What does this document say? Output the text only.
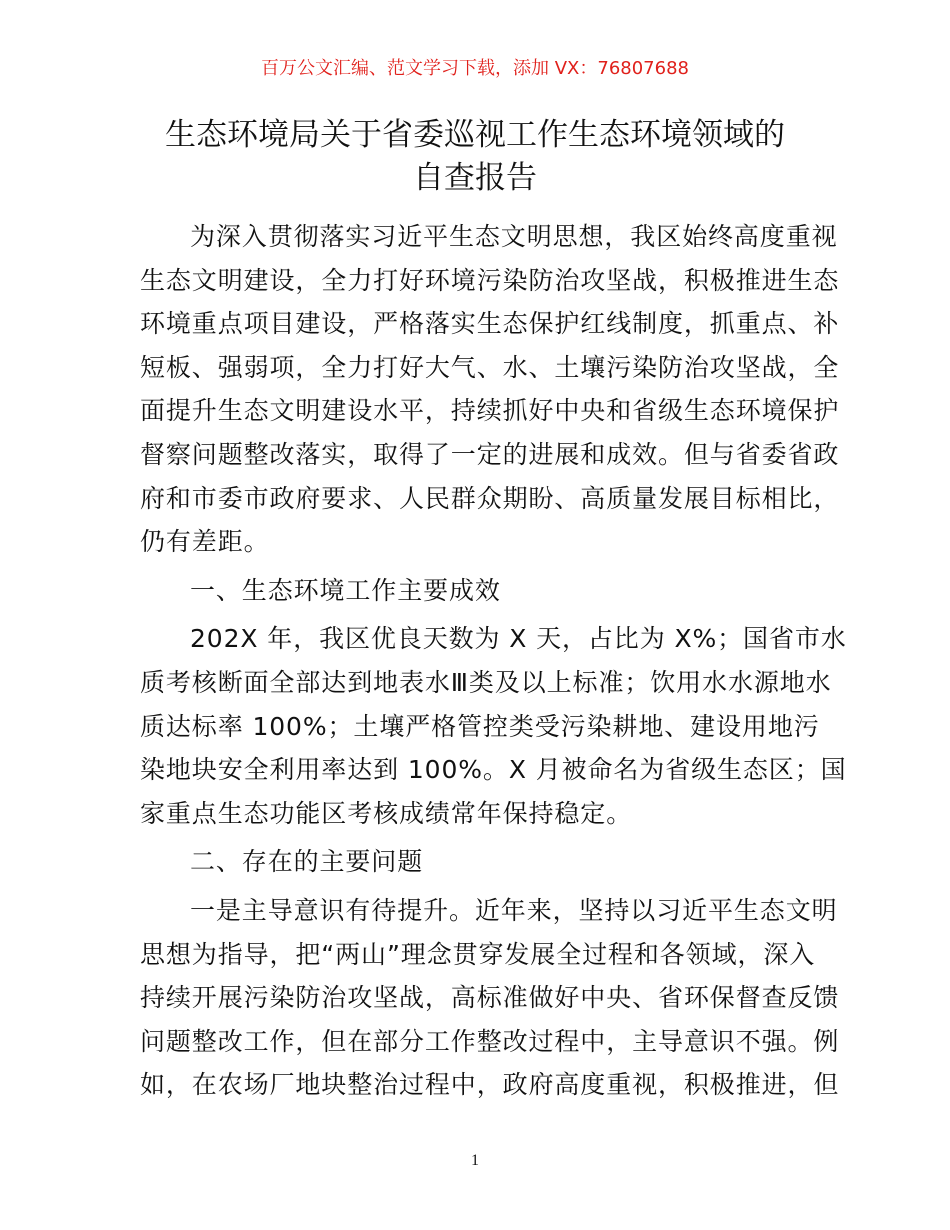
百万公文汇编、范文学习下载，添加 VX：76807688
生态环境局关于省委巡视工作生态环境领域的
自查报告
为深入贯彻落实习近平生态文明思想，我区始终高度重视
生态文明建设，全力打好环境污染防治攻坚战，积极推进生态
环境重点项目建设，严格落实生态保护红线制度，抓重点、补
短板、强弱项，全力打好大气、水、土壤污染防治攻坚战，全
面提升生态文明建设水平，持续抓好中央和省级生态环境保护
督察问题整改落实，取得了一定的进展和成效。但与省委省政
府和市委市政府要求、人民群众期盼、高质量发展目标相比，
仍有差距。
一、生态环境工作主要成效
202X 年，我区优良天数为 X 天，占比为 X%；国省市水
质考核断面全部达到地表水Ⅲ类及以上标准；饮用水水源地水
质达标率 100%；土壤严格管控类受污染耕地、建设用地污
染地块安全利用率达到 100%。X 月被命名为省级生态区；国
家重点生态功能区考核成绩常年保持稳定。
二、存在的主要问题
一是主导意识有待提升。近年来，坚持以习近平生态文明
思想为指导，把“两山”理念贯穿发展全过程和各领域，深入
持续开展污染防治攻坚战，高标准做好中央、省环保督查反馈
问题整改工作，但在部分工作整改过程中，主导意识不强。例
如，在农场厂地块整治过程中，政府高度重视，积极推进，但
1
